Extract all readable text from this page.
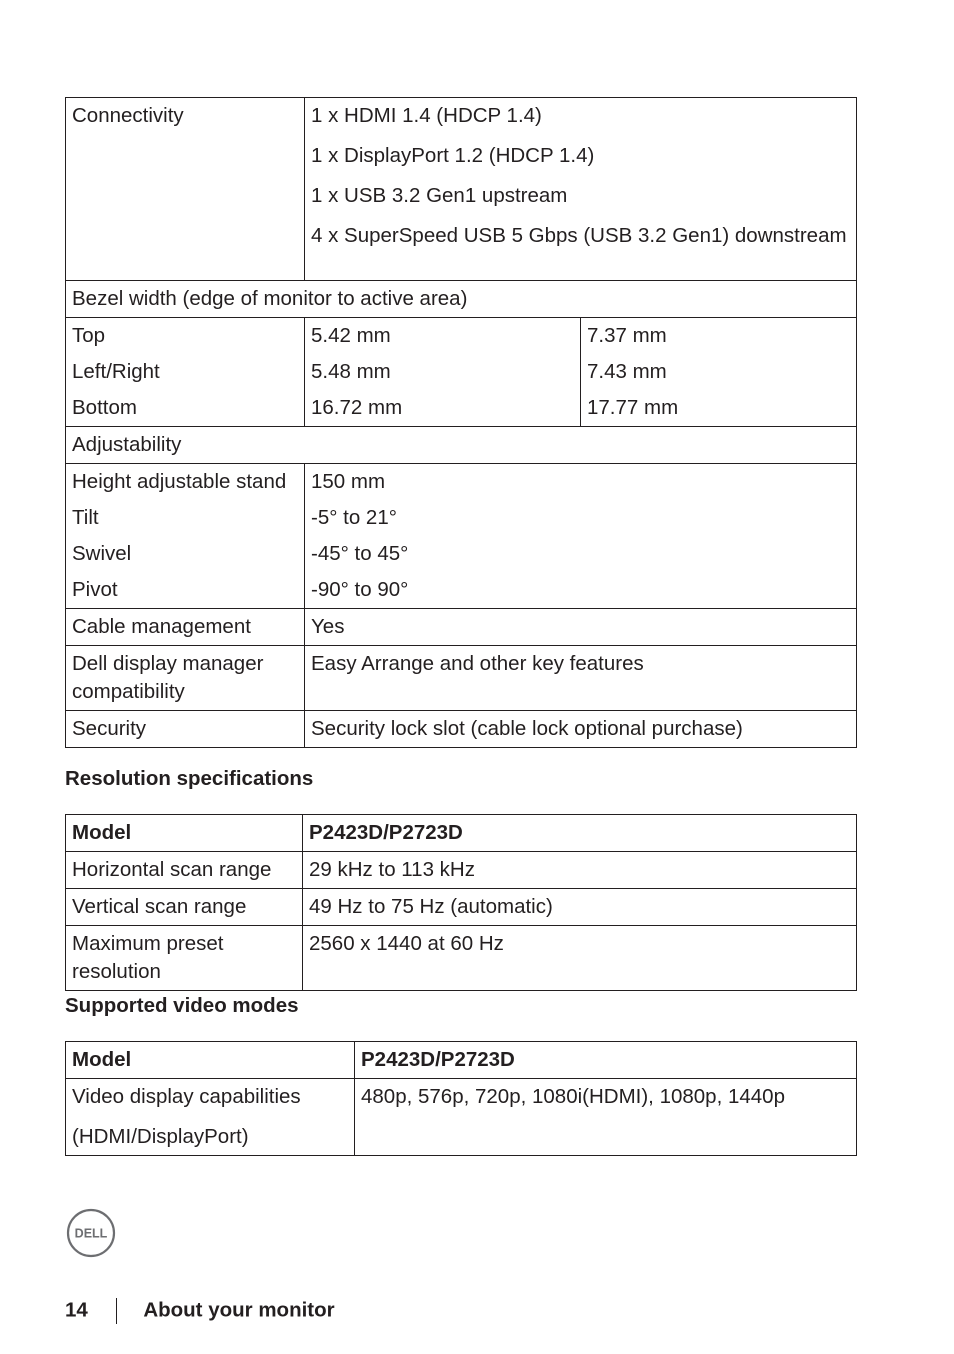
Connectivity	1 x HDMI 1.4 (HDCP 1.4)
1 x DisplayPort 1.2 (HDCP 1.4)
1 x USB 3.2 Gen1 upstream
4 x SuperSpeed USB 5 Gbps (USB 3.2 Gen1) downstream	

Bezel width (edge of monitor to active area)		
Top	5.42 mm	7.37 mm
Left/Right	5.48 mm	7.43 mm
Bottom	16.72 mm	17.77 mm
Adjustability		
Height adjustable stand	150 mm	
Tilt	-5° to 21°	
Swivel	-45° to 45°	
Pivot	-90° to 90°	
Cable management	Yes	
Dell display manager compatibility	Easy Arrange and other key features	
Security	Security lock slot (cable lock optional purchase)	
Resolution specifications
Model	P2423D/P2723D
Horizontal scan range	29 kHz to 113 kHz
Vertical scan range	49 Hz to 75 Hz (automatic)
Maximum preset resolution	2560 x 1440 at 60 Hz
Supported video modes
Model	P2423D/P2723D

Video display capabilities
(HDMI/DisplayPort)	480p, 576p, 720p, 1080i(HDMI), 1080p, 1440p
DELL
14	About your monitor
